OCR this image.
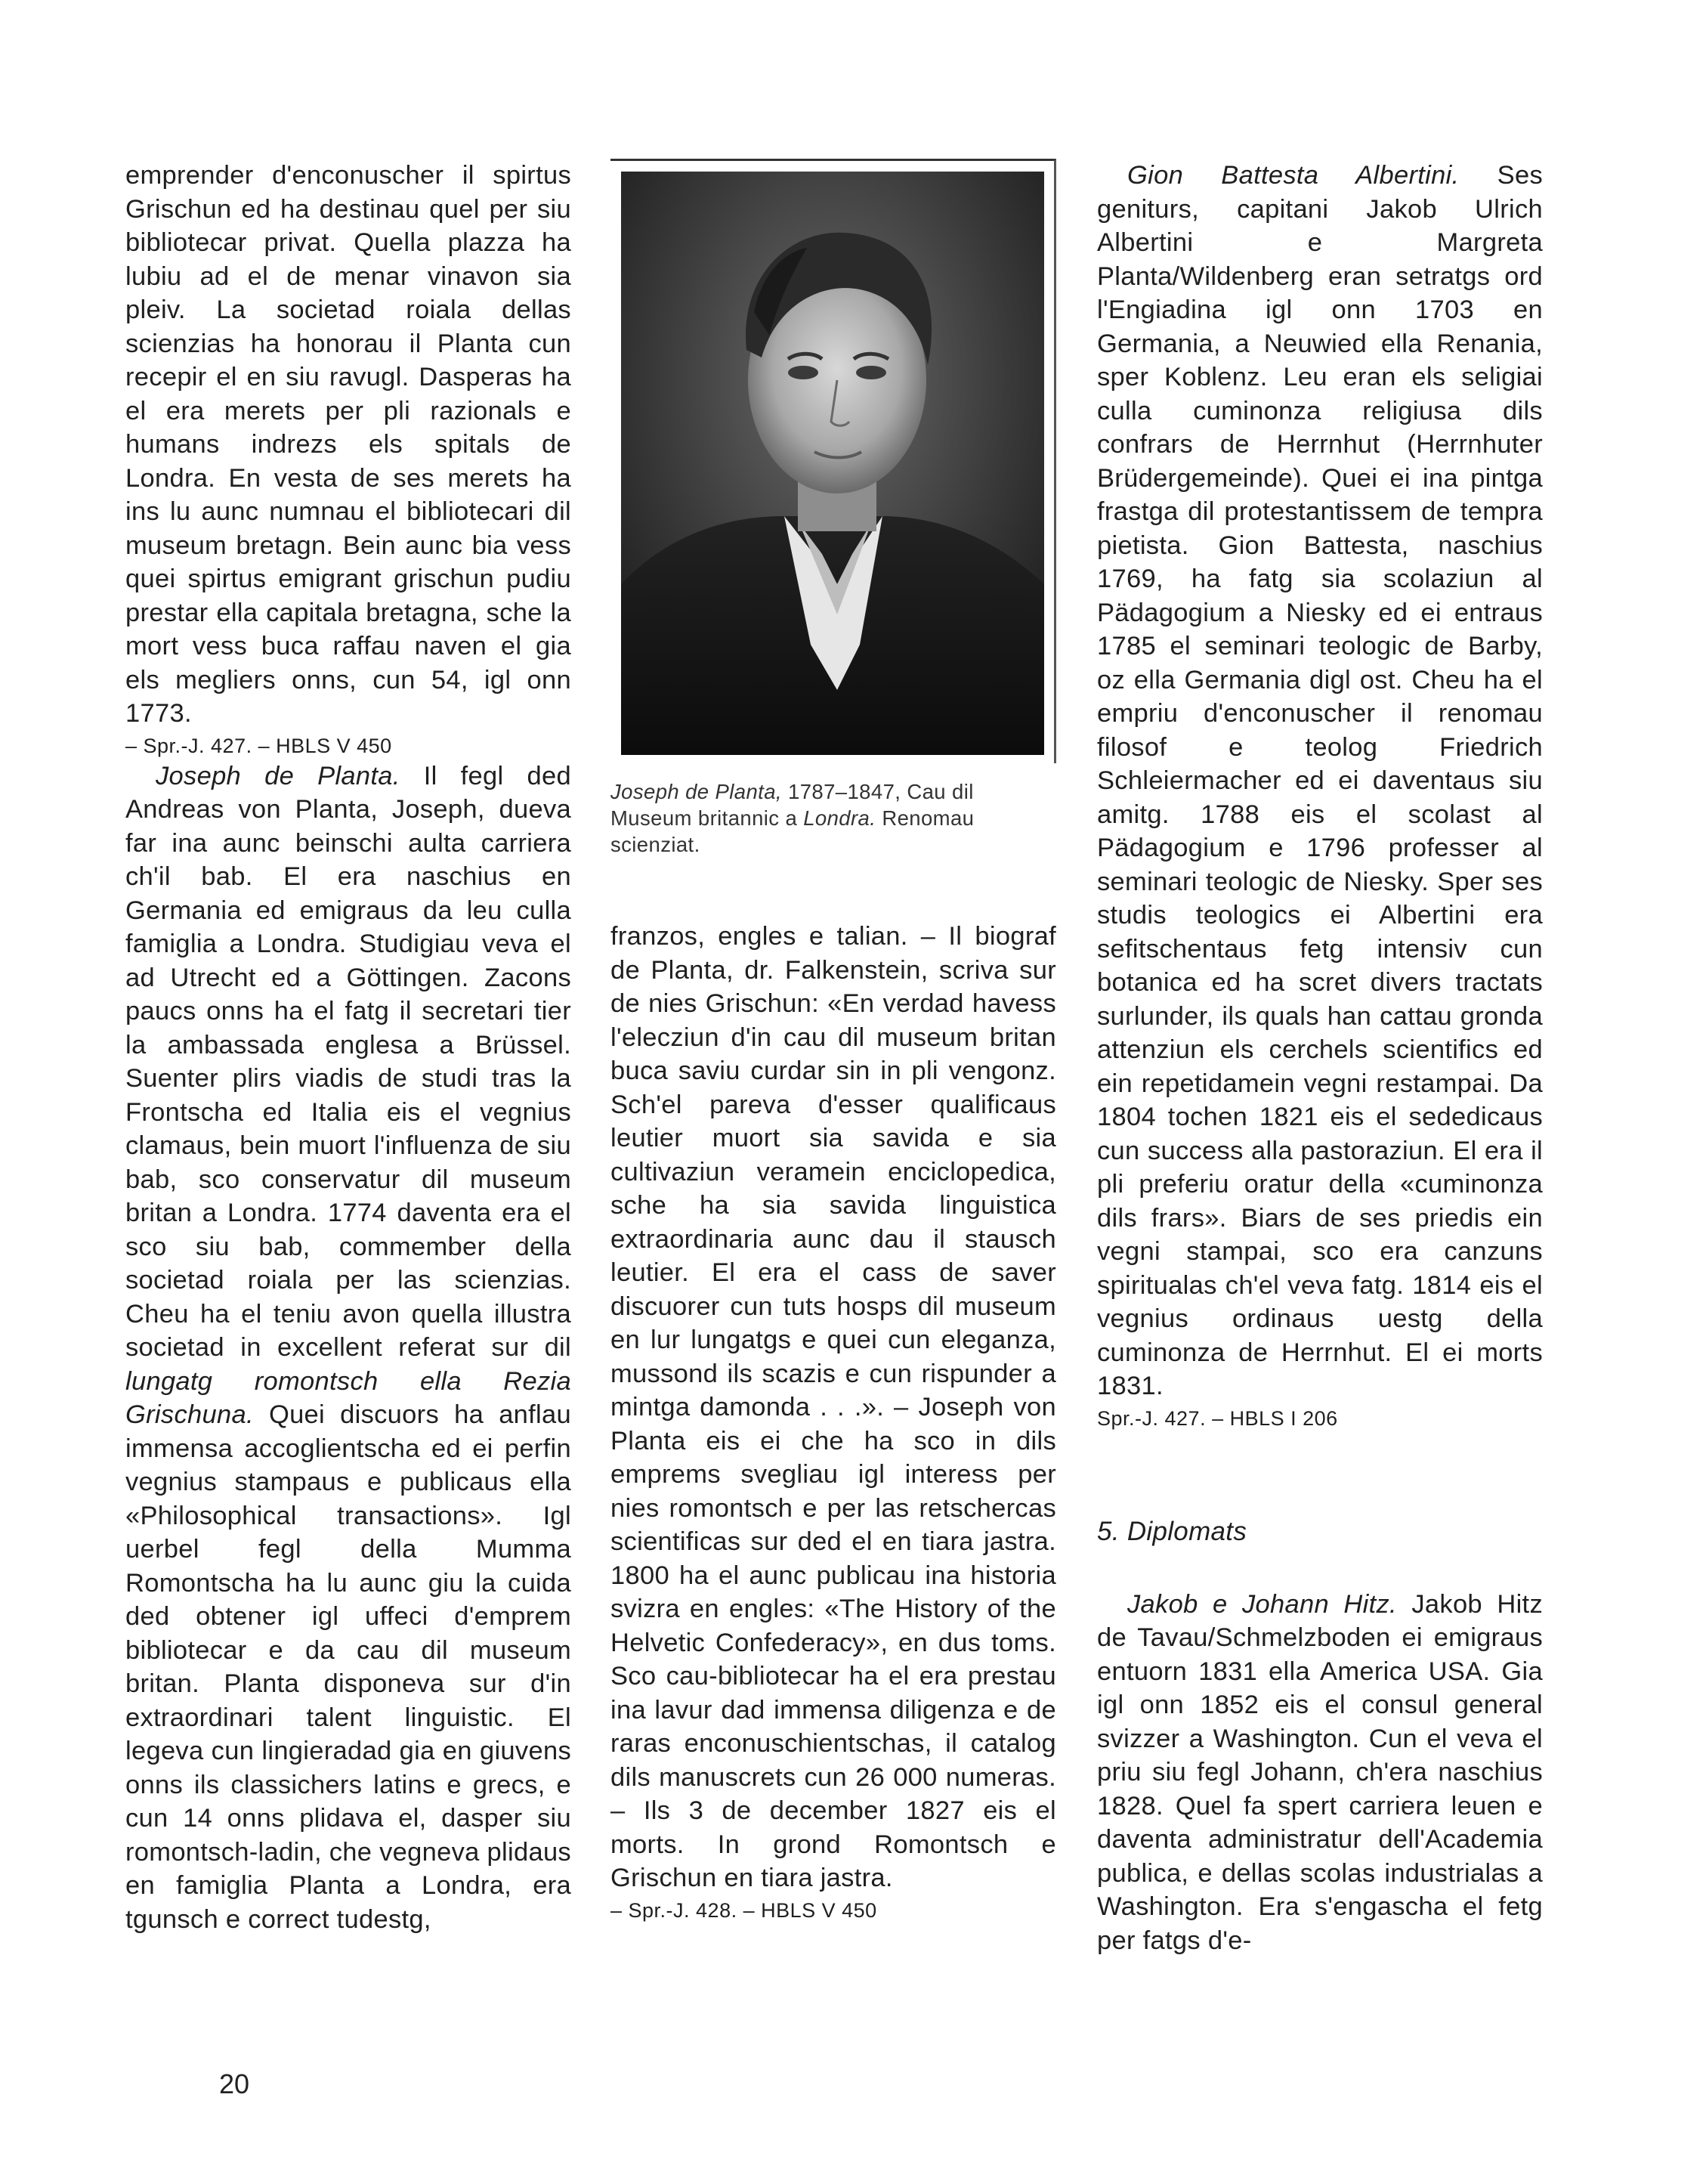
emprender d'enconuscher il spirtus Grischun ed ha destinau quel per siu bibliotecar privat. Quella plazza ha lubiu ad el de menar vinavon sia pleiv. La societad roiala dellas scienzias ha honorau il Planta cun recepir el en siu ravugl. Dasperas ha el era merets per pli razionals e humans indrezs els spitals de Londra. En vesta de ses merets ha ins lu aunc numnau el bibliotecari dil museum bretagn. Bein aunc bia vess quei spirtus emigrant grischun pudiu prestar ella capitala bretagna, sche la mort vess buca raffau naven el gia els megliers onns, cun 54, igl onn 1773.

– Spr.-J. 427. – HBLS V 450

Joseph de Planta. Il fegl ded Andreas von Planta, Joseph, dueva far ina aunc beinschi aulta carriera ch'il bab. El era naschius en Germania ed emigraus da leu culla famiglia a Londra. Studigiau veva el ad Utrecht ed a Göttingen. Zacons paucs onns ha el fatg il secretari tier la ambassada englesa a Brüssel. Suenter plirs viadis de studi tras la Frontscha ed Italia eis el vegnius clamaus, bein muort l'influenza de siu bab, sco conservatur dil museum britan a Londra. 1774 daventa era el sco siu bab, commember della societad roiala per las scienzias. Cheu ha el teniu avon quella illustra societad in excellent referat sur dil lungatg romontsch ella Rezia Grischuna. Quei discuors ha anflau immensa accoglientscha ed ei perfin vegnius stampaus e publicaus ella «Philosophical transactions». Igl uerbel fegl della Mumma Romontscha ha lu aunc giu la cuida ded obtener igl uffeci d'emprem bibliotecar e da cau dil museum britan. Planta disponeva sur d'in extraordinari talent linguistic. El legeva cun lingieradad gia en giuvens onns ils classichers latins e grecs, e cun 14 onns plidava el, dasper siu romontsch-ladin, che vegneva plidaus en famiglia Planta a Londra, era tgunsch e correct tudestg,

Joseph de Planta, 1787–1847, Cau dil Museum britannic a Londra. Renomau scienziat.

franzos, engles e talian. – Il biograf de Planta, dr. Falkenstein, scriva sur de nies Grischun: «En verdad havess l'elecziun d'in cau dil museum britan buca saviu curdar sin in pli vengonz. Sch'el pareva d'esser qualificaus leutier muort sia savida e sia cultivaziun veramein enciclopedica, sche ha sia savida linguistica extraordinaria aunc dau il stausch leutier. El era el cass de saver discuorer cun tuts hosps dil museum en lur lungatgs e quei cun eleganza, mussond ils scazis e cun rispunder a mintga damonda . . .». – Joseph von Planta eis ei che ha sco in dils emprems svegliau igl interess per nies romontsch e per las retschercas scientificas sur ded el en tiara jastra. 1800 ha el aunc publicau ina historia svizra en engles: «The History of the Helvetic Confederacy», en dus toms. Sco cau-bibliotecar ha el era prestau ina lavur dad immensa diligenza e de raras enconuschientschas, il catalog dils manuscrets cun 26 000 numeras. – Ils 3 de december 1827 eis el morts. In grond Romontsch e Grischun en tiara jastra.

– Spr.-J. 428. – HBLS V 450

Gion Battesta Albertini. Ses geniturs, capitani Jakob Ulrich Albertini e Margreta Planta/Wildenberg eran setratgs ord l'Engiadina igl onn 1703 en Germania, a Neuwied ella Renania, sper Koblenz. Leu eran els seligiai culla cuminonza religiusa dils confrars de Herrnhut (Herrnhuter Brüdergemeinde). Quei ei ina pintga frastga dil protestantissem de tempra pietista. Gion Battesta, naschius 1769, ha fatg sia scolaziun al Pädagogium a Niesky ed ei entraus 1785 el seminari teologic de Barby, oz ella Germania digl ost. Cheu ha el empriu d'enconuscher il renomau filosof e teolog Friedrich Schleiermacher ed ei daventaus siu amitg. 1788 eis el scolast al Pädagogium e 1796 professer al seminari teologic de Niesky. Sper ses studis teologics ei Albertini era sefitschentaus fetg intensiv cun botanica ed ha scret divers tractats surlunder, ils quals han cattau gronda attenziun els cerchels scientifics ed ein repetidamein vegni restampai. Da 1804 tochen 1821 eis el sededicaus cun success alla pastoraziun. El era il pli preferiu oratur della «cuminonza dils frars». Biars de ses priedis ein vegni stampai, sco era canzuns spiritualas ch'el veva fatg. 1814 eis el vegnius ordinaus uestg della cuminonza de Herrnhut. El ei morts 1831.

Spr.-J. 427. – HBLS I 206

5. Diplomats

Jakob e Johann Hitz. Jakob Hitz de Tavau/Schmelzboden ei emigraus entuorn 1831 ella America USA. Gia igl onn 1852 eis el consul general svizzer a Washington. Cun el veva el priu siu fegl Johann, ch'era naschius 1828. Quel fa spert carriera leuen e daventa administratur dell'Academia publica, e dellas scolas industrialas a Washington. Era s'engascha el fetg per fatgs d'e-

20
